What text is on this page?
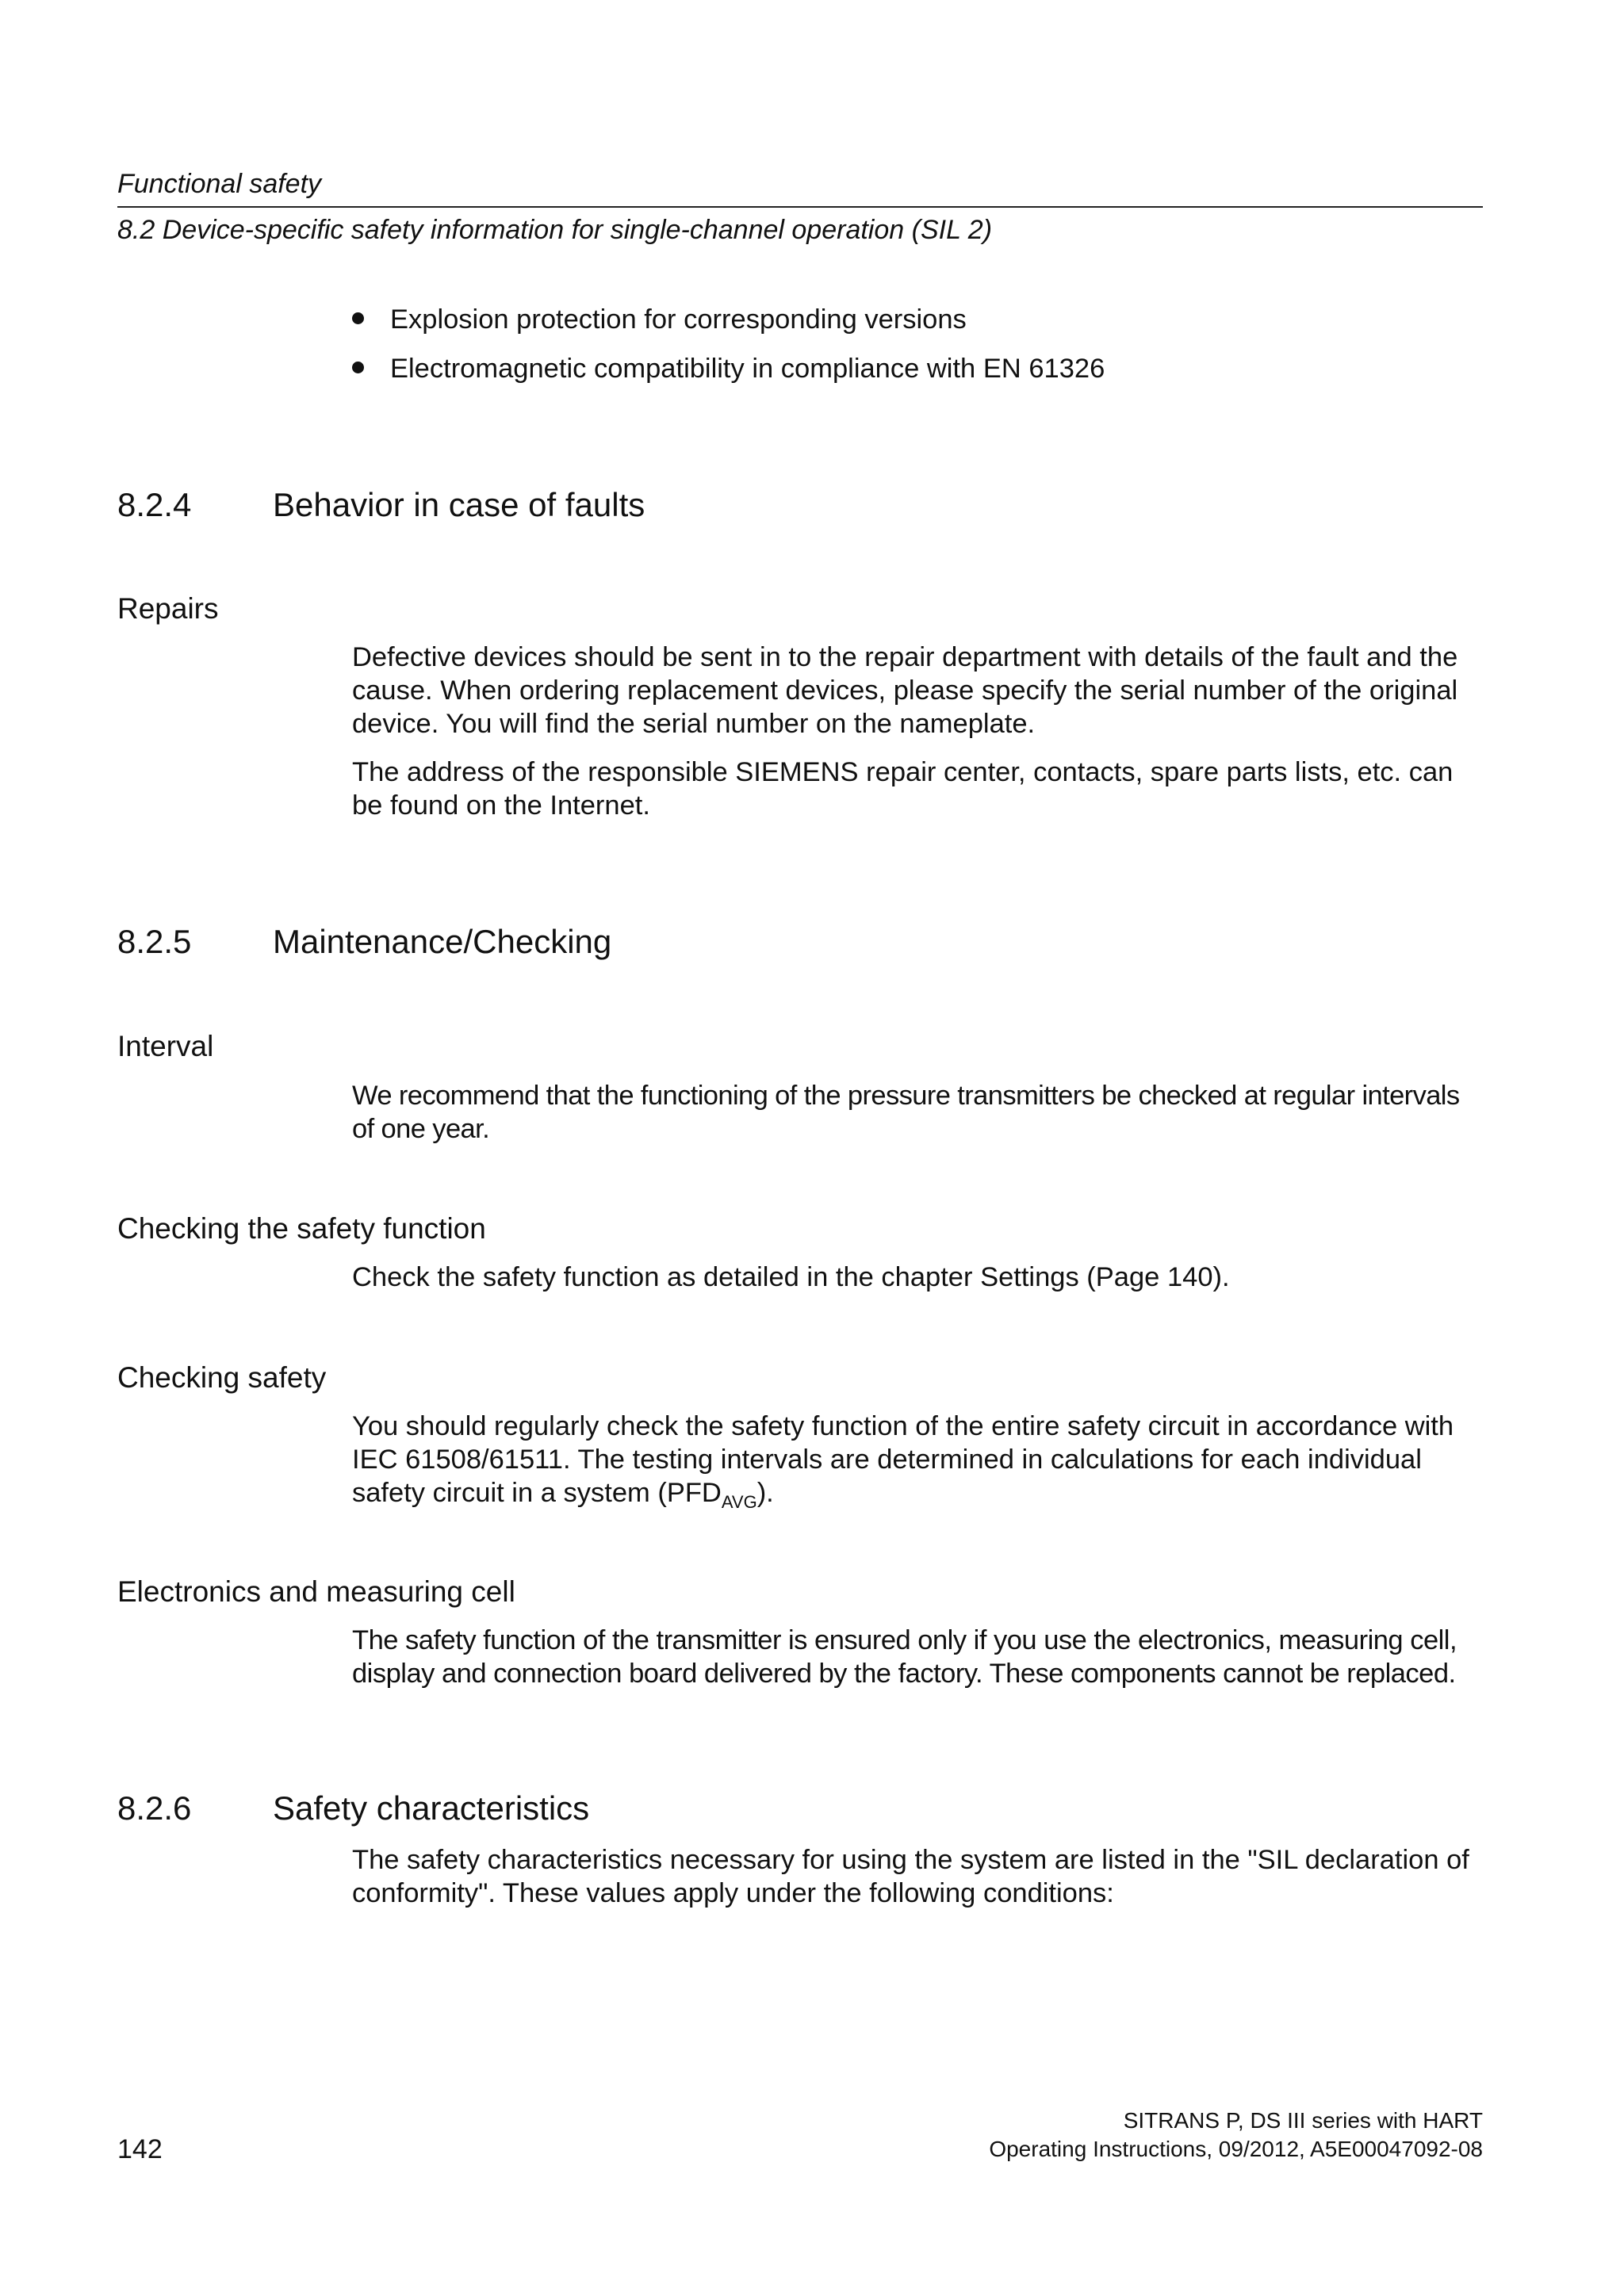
Functional safety
8.2 Device-specific safety information for single-channel operation (SIL 2)
Explosion protection for corresponding versions
Electromagnetic compatibility in compliance with EN 61326
8.2.4 Behavior in case of faults
Repairs

Defective devices should be sent in to the repair department with details of the fault and the cause. When ordering replacement devices, please specify the serial number of the original device. You will find the serial number on the nameplate.

The address of the responsible SIEMENS repair center, contacts, spare parts lists, etc. can be found on the Internet.

8.2.5 Maintenance/Checking
Interval

We recommend that the functioning of the pressure transmitters be checked at regular intervals of one year.

Checking the safety function

Check the safety function as detailed in the chapter Settings (Page 140).

Checking safety

You should regularly check the safety function of the entire safety circuit in accordance with IEC 61508/61511. The testing intervals are determined in calculations for each individual safety circuit in a system $(PFD_{AVG})$.

Electronics and measuring cell

The safety function of the transmitter is ensured only if you use the electronics, measuring cell, display and connection board delivered by the factory. These components cannot be replaced.

8.2.6 Safety characteristics

The safety characteristics necessary for using the system are listed in the "SIL declaration of conformity". These values apply under the following conditions:

142
SITRANS P, DS III series with HART
Operating Instructions, 09/2012, A5E00047092-08
